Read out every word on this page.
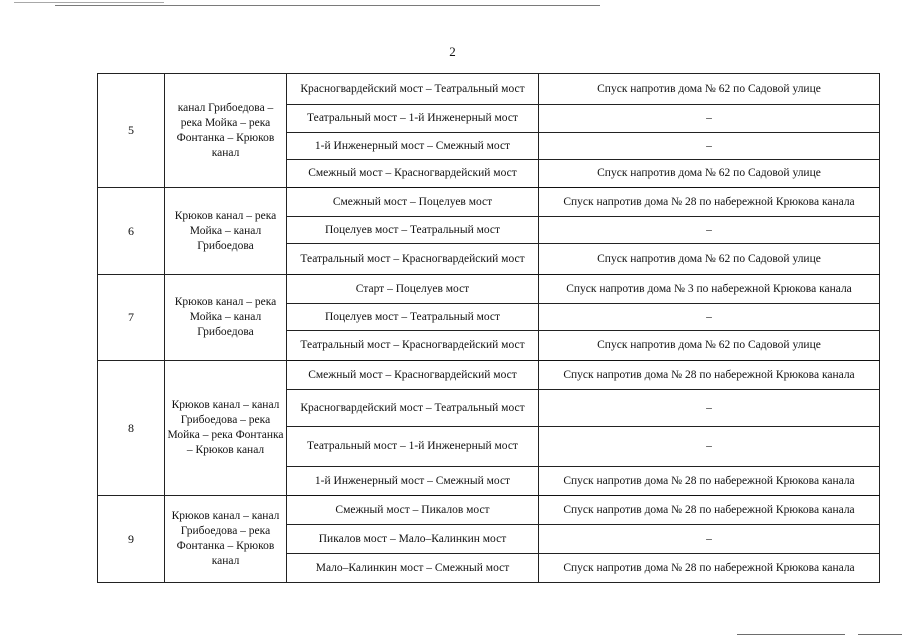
2
5	канал Грибоедова – река Мойка – река Фонтанка – Крюков канал	Красногвардейский мост – Театральный мост	Спуск напротив дома № 62 по Садовой улице
		Театральный мост – 1-й Инженерный мост	–
		1-й Инженерный мост – Смежный мост	–
		Смежный мост – Красногвардейский мост	Спуск напротив дома № 62 по Садовой улице
6	Крюков канал – река Мойка – канал Грибоедова	Смежный мост – Поцелуев мост	Спуск напротив дома № 28 по набережной Крюкова канала
		Поцелуев мост – Театральный мост	–
		Театральный мост – Красногвардейский мост	Спуск напротив дома № 62 по Садовой улице
7	Крюков канал – река Мойка – канал Грибоедова	Старт – Поцелуев мост	Спуск напротив дома № 3 по набережной Крюкова канала
		Поцелуев мост – Театральный мост	–
		Театральный мост – Красногвардейский мост	Спуск напротив дома № 62 по Садовой улице
8	Крюков канал – канал Грибоедова – река Мойка – река Фонтанка – Крюков канал	Смежный мост – Красногвардейский мост	Спуск напротив дома № 28 по набережной Крюкова канала
		Красногвардейский мост – Театральный мост	–
		Театральный мост – 1-й Инженерный мост	–
		1-й Инженерный мост – Смежный мост	Спуск напротив дома № 28 по набережной Крюкова канала
9	Крюков канал – канал Грибоедова – река Фонтанка – Крюков канал	Смежный мост – Пикалов мост	Спуск напротив дома № 28 по набережной Крюкова канала
		Пикалов мост – Мало–Калинкин мост	–
		Мало–Калинкин мост – Смежный мост	Спуск напротив дома № 28 по набережной Крюкова канала
